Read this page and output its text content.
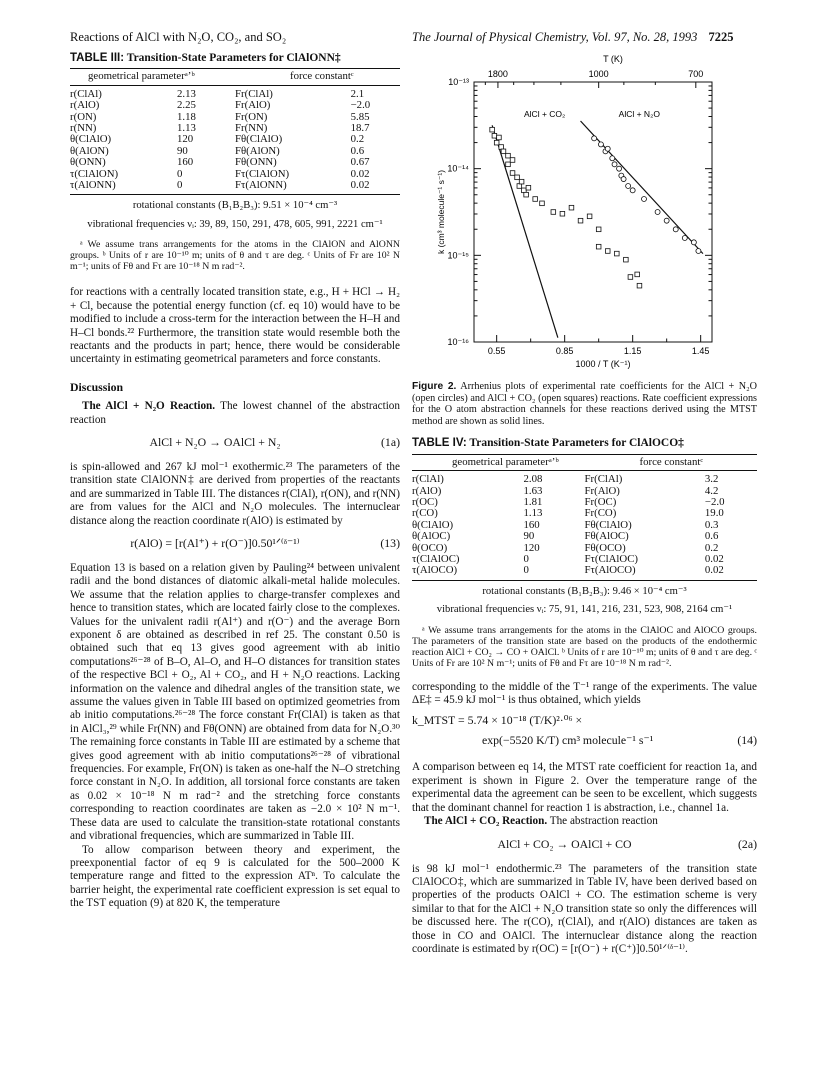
Reactions of AlCl with N₂O, CO₂, and SO₂	The Journal of Physical Chemistry, Vol. 97, No. 28, 1993 7225
TABLE III: Transition-State Parameters for ClAlONN‡
geometrical parameterᵃʼᵇ		force constantᶜ	
r(ClAl)	2.13	Fr(ClAl)	2.1
r(AlO)	2.25	Fr(AlO)	−2.0
r(ON)	1.18	Fr(ON)	5.85
r(NN)	1.13	Fr(NN)	18.7
θ(ClAlO)	120	Fθ(ClAlO)	0.2
θ(AlON)	90	Fθ(AlON)	0.6
θ(ONN)	160	Fθ(ONN)	0.67
τ(ClAlON)	0	Fτ(ClAlON)	0.02
τ(AlONN)	0	Fτ(AlONN)	0.02
rotational constants (B₁B₂B₃): 9.51 × 10⁻⁴ cm⁻³
vibrational frequencies νᵢ: 39, 89, 150, 291, 478, 605, 991, 2221 cm⁻¹
ᵃ We assume trans arrangements for the atoms in the ClAlON and AlONN groups. ᵇ Units of r are 10⁻¹⁰ m; units of θ and τ are deg. ᶜ Units of Fr are 10² N m⁻¹; units of Fθ and Fτ are 10⁻¹⁸ N m rad⁻².

for reactions with a centrally located transition state, e.g., H + HCl → H₂ + Cl, because the potential energy function (cf. eq 10) would have to be modified to include a cross-term for the interaction between the H–H and H–Cl bonds.²² Furthermore, the transition state would resemble both the reactants and the products in part; hence, there would be considerable uncertainty in estimating geometrical parameters and force constants.

Discussion

The AlCl + N₂O Reaction. The lowest channel of the abstraction reaction

AlCl + N₂O → OAlCl + N₂	(1a)

is spin-allowed and 267 kJ mol⁻¹ exothermic.²³ The parameters of the transition state ClAlONN‡ are derived from properties of the reactants and are summarized in Table III. The distances r(ClAl), r(ON), and r(NN) are from values for the AlCl and N₂O molecules. The internuclear distance along the reaction coordinate r(AlO) is estimated by

r(AlO) = [r(Al⁺) + r(O⁻)]0.50¹ᐟ⁽ᵟ⁻¹⁾	(13)

Equation 13 is based on a relation given by Pauling²⁴ between univalent radii and the bond distances of diatomic alkali-metal halide molecules. We assume that the relation applies to charge-transfer complexes and hence to transition states, which are located fairly close to the complexes. Values for the univalent radii r(Al⁺) and r(O⁻) and the average Born exponent δ are obtained as described in ref 25. The constant 0.50 is obtained such that eq 13 gives good agreement with ab initio computations²⁶⁻²⁸ of B–O, Al–O, and H–O distances for transition states of the respective BCl + O₂, Al + CO₂, and H + N₂O reactions. Lacking information on the valence and dihedral angles of the transition state, we assume the values given in Table III based on optimized geometries from ab initio computations.²⁶⁻²⁸ The force constant Fr(ClAl) is taken as that in AlCl₃,²⁹ while Fr(NN) and Fθ(ONN) are obtained from data for N₂O.³⁰ The remaining force constants in Table III are estimated by a scheme that gives good agreement with ab initio computations²⁶⁻²⁸ of vibrational frequencies. For example, Fr(ON) is taken as one-half the N–O stretching force constant in N₂O. In addition, all torsional force constants are taken as 0.02 × 10⁻¹⁸ N m rad⁻² and the stretching force constants corresponding to reaction coordinates are taken as −2.0 × 10² N m⁻¹. These data are used to calculate the transition-state rotational constants and vibrational frequencies, which are summarized in Table III.

To allow comparison between theory and experiment, the preexponential factor of eq 9 is calculated for the 500–2000 K temperature range and fitted to the expression ATⁿ. To calculate the barrier height, the experimental rate coefficient expression is set equal to the TST equation (9) at 820 K, the temperature

T (K)
1800	1000	700
10⁻¹³
10⁻¹⁴
10⁻¹⁵
10⁻¹⁶
k (cm³ molecule⁻¹ s⁻¹)
0.55	0.85	1.15	1.45
1000 / T (K⁻¹)
AlCl + CO₂	AlCl + N₂O
Figure 2. Arrhenius plots of experimental rate coefficients for the AlCl + N₂O (open circles) and AlCl + CO₂ (open squares) reactions. Rate coefficient expressions for the O atom abstraction channels for these reactions derived using the MTST method are shown as solid lines.
TABLE IV: Transition-State Parameters for ClAlOCO‡
geometrical parameterᵃʼᵇ		force constantᶜ	
r(ClAl)	2.08	Fr(ClAl)	3.2
r(AlO)	1.63	Fr(AlO)	4.2
r(OC)	1.81	Fr(OC)	−2.0
r(CO)	1.13	Fr(CO)	19.0
θ(ClAlO)	160	Fθ(ClAlO)	0.3
θ(AlOC)	90	Fθ(AlOC)	0.6
θ(OCO)	120	Fθ(OCO)	0.2
τ(ClAlOC)	0	Fτ(ClAlOC)	0.02
τ(AlOCO)	0	Fτ(AlOCO)	0.02
rotational constants (B₁B₂B₃): 9.46 × 10⁻⁴ cm⁻³
vibrational frequencies νᵢ: 75, 91, 141, 216, 231, 523, 908, 2164 cm⁻¹
ᵃ We assume trans arrangements for the atoms in the ClAlOC and AlOCO groups. The parameters of the transition state are based on the products of the endothermic reaction AlCl + CO₂ → CO + OAlCl. ᵇ Units of r are 10⁻¹⁰ m; units of θ and τ are deg. ᶜ Units of Fr are 10² N m⁻¹; units of Fθ and Fτ are 10⁻¹⁸ N m rad⁻².

corresponding to the middle of the T⁻¹ range of the experiments. The value ΔE‡ = 45.9 kJ mol⁻¹ is thus obtained, which yields

k_MTST = 5.74 × 10⁻¹⁸ (T/K)²·⁰⁶ ×
exp(−5520 K/T) cm³ molecule⁻¹ s⁻¹	(14)

A comparison between eq 14, the MTST rate coefficient for reaction 1a, and experiment is shown in Figure 2. Over the temperature range of the experimental data the agreement can be seen to be excellent, which suggests that the dominant channel for reaction 1 is abstraction, i.e., channel 1a.

The AlCl + CO₂ Reaction. The abstraction reaction

AlCl + CO₂ → OAlCl + CO	(2a)

is 98 kJ mol⁻¹ endothermic.²³ The parameters of the transition state ClAlOCO‡, which are summarized in Table IV, have been derived based on properties of the products OAlCl + CO. The estimation scheme is very similar to that for the AlCl + N₂O transition state so only the differences will be discussed here. The r(CO), r(ClAl), and r(AlO) distances are taken as those in CO and OAlCl. The internuclear distance along the reaction coordinate is estimated by r(OC) = [r(O⁻) + r(C⁺)]0.50¹ᐟ⁽ᵟ⁻¹⁾.
